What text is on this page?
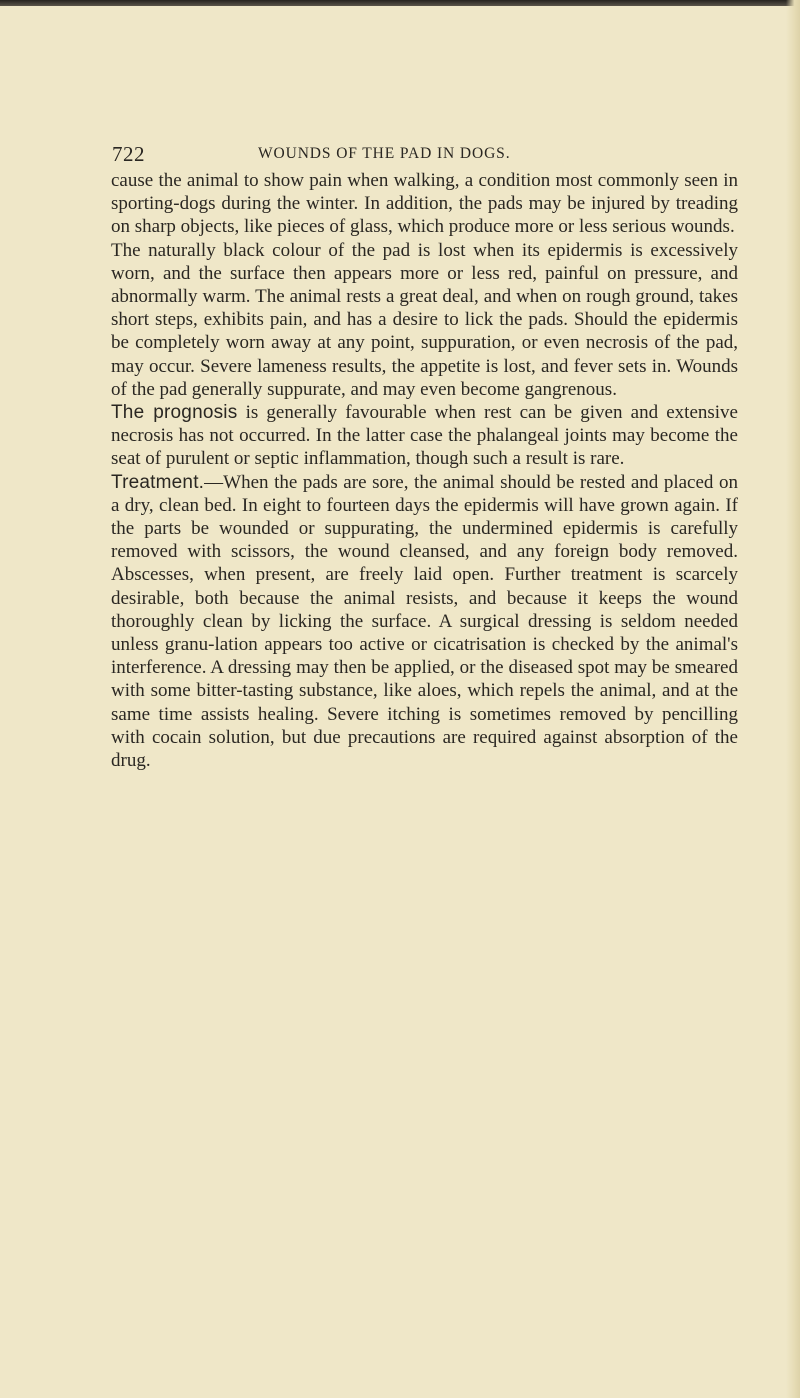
722	WOUNDS OF THE PAD IN DOGS.

cause the animal to show pain when walking, a condition most commonly seen in sporting-dogs during the winter. In addition, the pads may be injured by treading on sharp objects, like pieces of glass, which produce more or less serious wounds.

The naturally black colour of the pad is lost when its epidermis is excessively worn, and the surface then appears more or less red, painful on pressure, and abnormally warm. The animal rests a great deal, and when on rough ground, takes short steps, exhibits pain, and has a desire to lick the pads. Should the epidermis be completely worn away at any point, suppuration, or even necrosis of the pad, may occur. Severe lameness results, the appetite is lost, and fever sets in. Wounds of the pad generally suppurate, and may even become gangrenous.

The prognosis is generally favourable when rest can be given and extensive necrosis has not occurred. In the latter case the phalangeal joints may become the seat of purulent or septic inflammation, though such a result is rare.

Treatment.—When the pads are sore, the animal should be rested and placed on a dry, clean bed. In eight to fourteen days the epidermis will have grown again. If the parts be wounded or suppurating, the undermined epidermis is carefully removed with scissors, the wound cleansed, and any foreign body removed. Abscesses, when present, are freely laid open. Further treatment is scarcely desirable, both because the animal resists, and because it keeps the wound thoroughly clean by licking the surface. A surgical dressing is seldom needed unless granu-lation appears too active or cicatrisation is checked by the animal's interference. A dressing may then be applied, or the diseased spot may be smeared with some bitter-tasting substance, like aloes, which repels the animal, and at the same time assists healing. Severe itching is sometimes removed by pencilling with cocain solution, but due precautions are required against absorption of the drug.
